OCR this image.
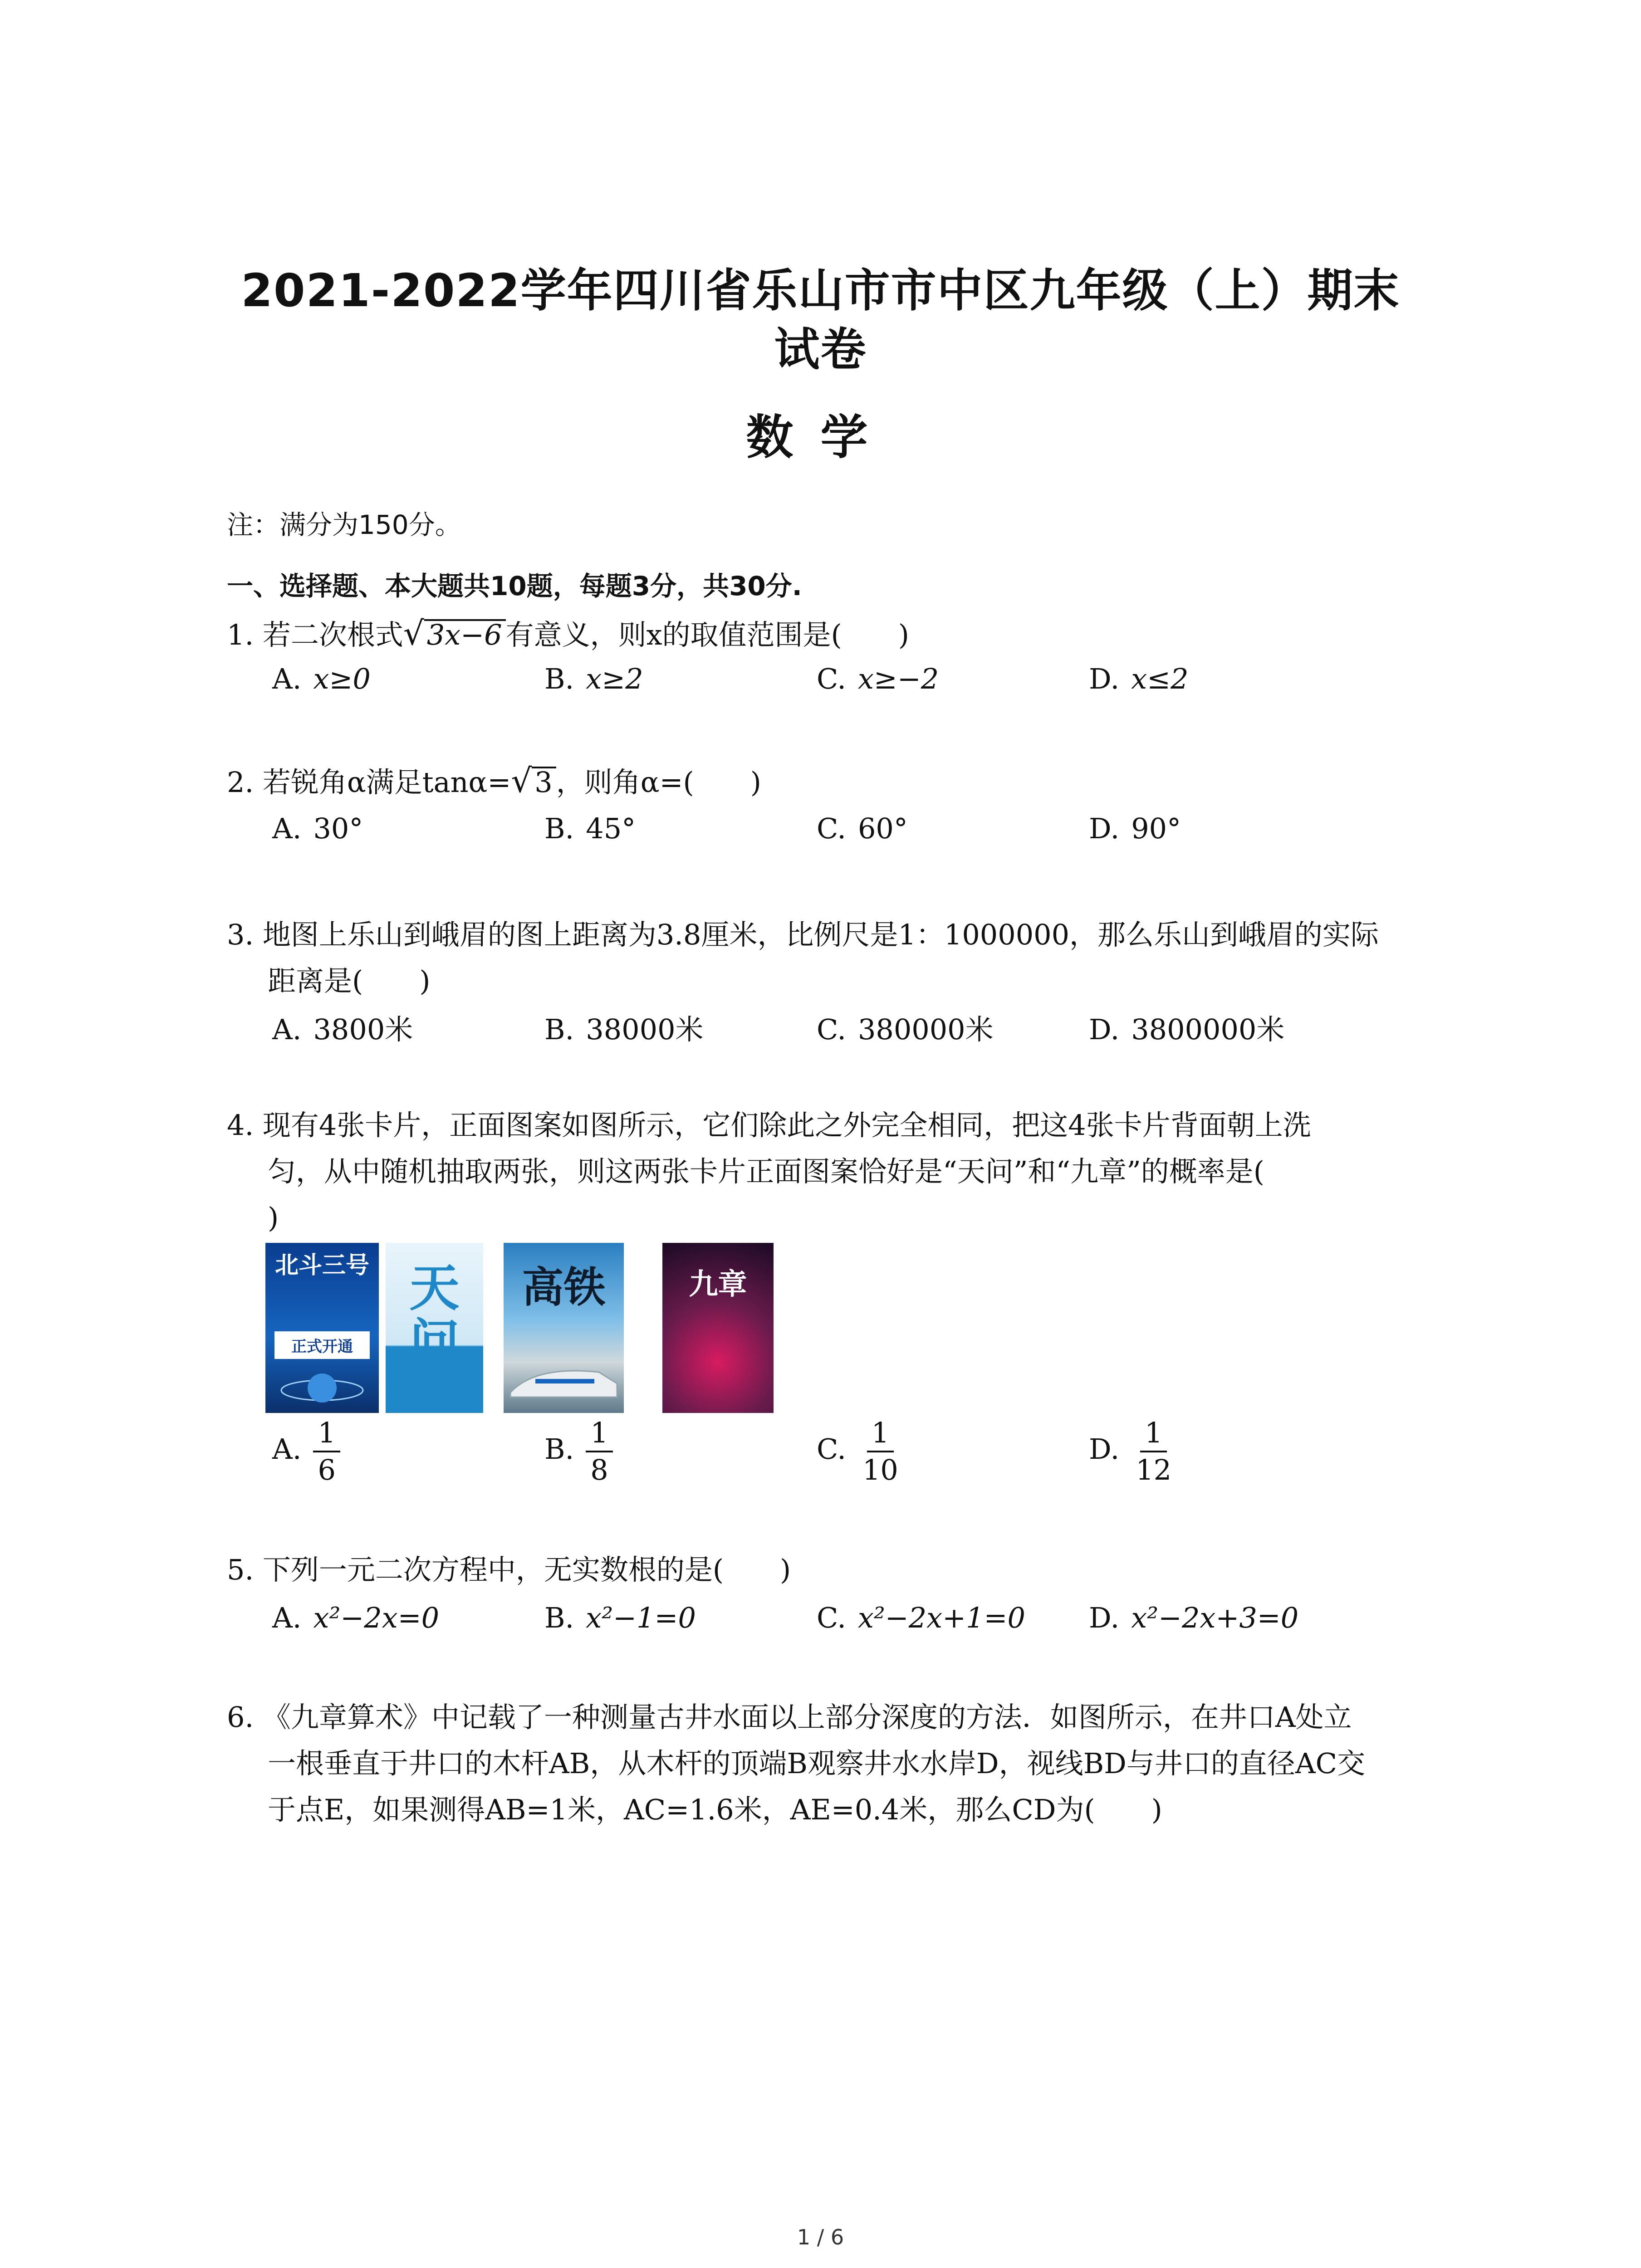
2021-2022学年四川省乐山市市中区九年级（上）期末
试卷
数学
注：满分为150分。
一、选择题、本大题共10题，每题3分，共30分.
1. 若二次根式√3x−6 有意义，则x的取值范围是(　　)
A. x≥0	B. x≥2	C. x≥−2	D. x≤2
2. 若锐角α满足tanα=√3 ，则角α=(　　)
A. 30°	B. 45°	C. 60°	D. 90°
3. 地图上乐山到峨眉的图上距离为3.8厘米，比例尺是1：1000000，那么乐山到峨眉的实际
距离是(　　)
A. 3800米	B. 38000米	C. 380000米	D. 3800000米
4. 现有4张卡片，正面图案如图所示，它们除此之外完全相同，把这4张卡片背面朝上洗
匀，从中随机抽取两张，则这两张卡片正面图案恰好是“天问”和“九章”的概率是(
)
北斗三号
正式开通
天问
高铁	九章
A. $\frac{1}{6}$	B. $\frac{1}{8}$	C. $\frac{1}{10}$	D. $\frac{1}{12}$
5. 下列一元二次方程中，无实数根的是(　　)
A. x²−2x=0	B. x²−1=0	C. x²−2x+1=0 D. x²−2x+3=0
6. 《九章算术》中记载了一种测量古井水面以上部分深度的方法．如图所示，在井口A处立
一根垂直于井口的木杆AB，从木杆的顶端B观察井水水岸D，视线BD与井口的直径AC交
于点E，如果测得AB=1米，AC=1.6米，AE=0.4米，那么CD为(　　)
1 / 6
